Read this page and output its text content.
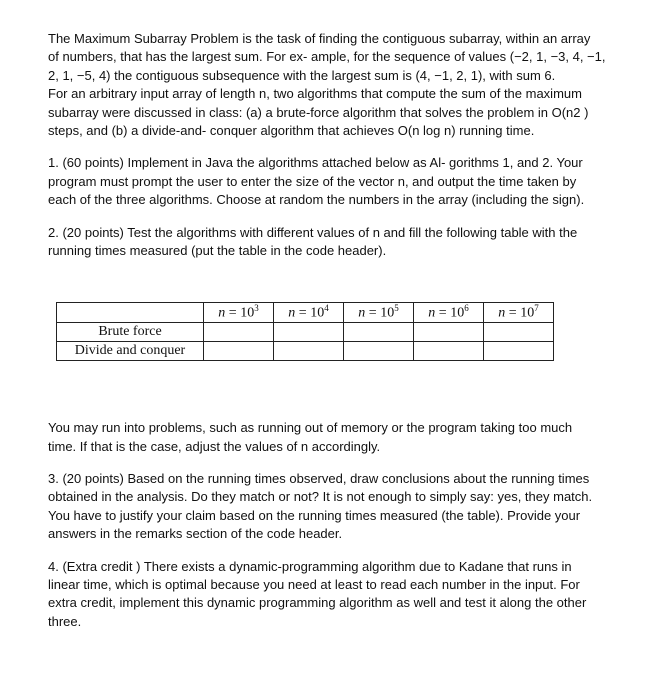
The Maximum Subarray Problem is the task of finding the contiguous subarray, within an array
of numbers, that has the largest sum. For ex- ample, for the sequence of values (−2, 1, −3, 4, −1,
2, 1, −5, 4) the contiguous subsequence with the largest sum is (4, −1, 2, 1), with sum 6.
For an arbitrary input array of length n, two algorithms that compute the sum of the maximum
subarray were discussed in class: (a) a brute-force algorithm that solves the problem in O(n2 )
steps, and (b) a divide-and- conquer algorithm that achieves O(n log n) running time.

1. (60 points) Implement in Java the algorithms attached below as Al- gorithms 1, and 2. Your
program must prompt the user to enter the size of the vector n, and output the time taken by
each of the three algorithms. Choose at random the numbers in the array (including the sign).

2. (20 points) Test the algorithms with different values of n and fill the following table with the
running times measured (put the table in the code header).

	$n = 10^3$	$n = 10^4$	$n = 10^5$	$n = 10^6$	$n = 10^7$
Brute force					
Divide and conquer					

You may run into problems, such as running out of memory or the program taking too much
time. If that is the case, adjust the values of n accordingly.

3. (20 points) Based on the running times observed, draw conclusions about the running times
obtained in the analysis. Do they match or not? It is not enough to simply say: yes, they match.
You have to justify your claim based on the running times measured (the table). Provide your
answers in the remarks section of the code header.

4. (Extra credit ) There exists a dynamic-programming algorithm due to Kadane that runs in
linear time, which is optimal because you need at least to read each number in the input. For
extra credit, implement this dynamic programming algorithm as well and test it along the other
three.
